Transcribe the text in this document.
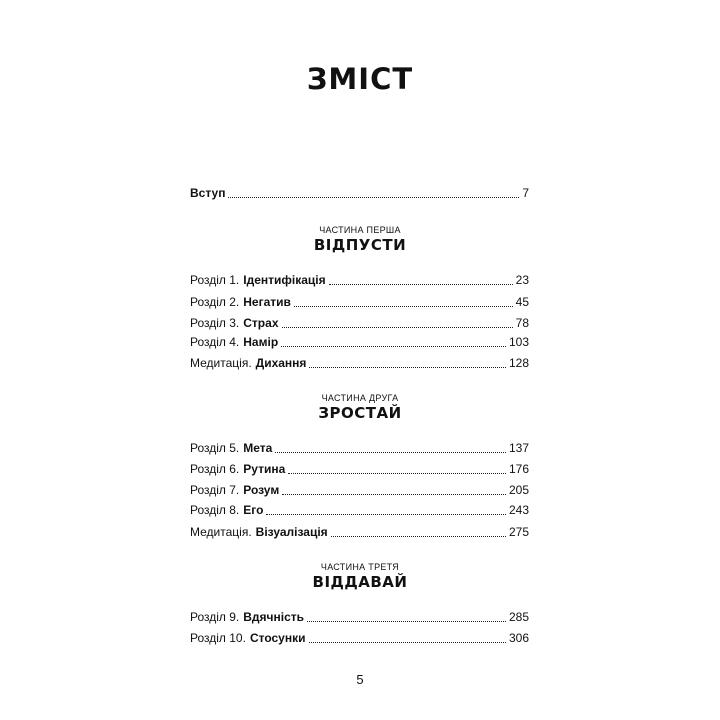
ЗМІСТ
Вступ	7
ЧАСТИНА ПЕРША
ВІДПУСТИ
Розділ 1. Ідентифікація	23
Розділ 2. Негатив	45
Розділ 3. Страх	78
Розділ 4. Намір	103
Медитація. Дихання	128
ЧАСТИНА ДРУГА
ЗРОСТАЙ
Розділ 5. Мета	137
Розділ 6. Рутина	176
Розділ 7. Розум	205
Розділ 8. Его	243
Медитація. Візуалізація	275
ЧАСТИНА ТРЕТЯ
ВІДДАВАЙ
Розділ 9. Вдячність	285
Розділ 10. Стосунки	306
5
